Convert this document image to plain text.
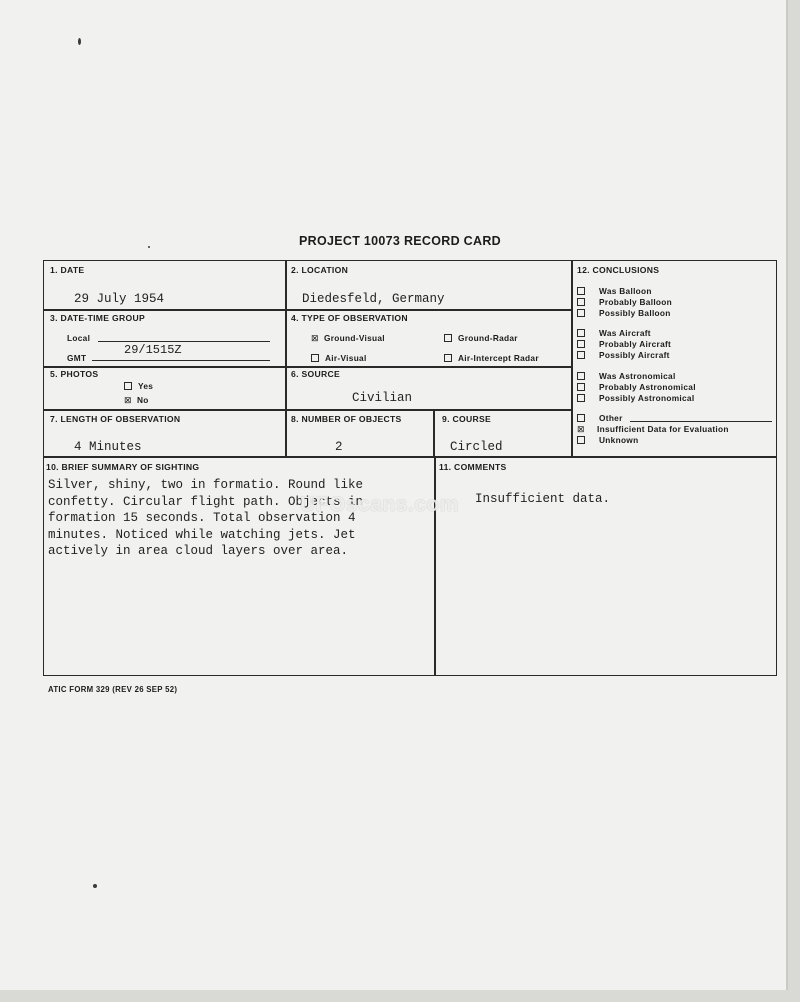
PROJECT 10073 RECORD CARD
1. DATE
29 July 1954
2. LOCATION
Diedesfeld, Germany
3. DATE-TIME GROUP
Local
GMT
29/1515Z
4. TYPE OF OBSERVATION
⊠ Ground-Visual	Ground-Radar
Air-Visual	Air-Intercept Radar
5. PHOTOS
Yes
⊠ No
6. SOURCE
Civilian
7. LENGTH OF OBSERVATION
4 Minutes
8. NUMBER OF OBJECTS
2
9. COURSE
Circled
10. BRIEF SUMMARY OF SIGHTING
Silver, shiny, two in formatio. Round like
confetty. Circular flight path. Objects in
formation 15 seconds. Total observation 4
minutes. Noticed while watching jets. Jet
actively in area cloud layers over area.
11. COMMENTS
Insufficient data.
12. CONCLUSIONS
Was Balloon
Probably Balloon
Possibly Balloon
Was Aircraft
Probably Aircraft
Possibly Aircraft
Was Astronomical
Probably Astronomical
Possibly Astronomical
Other
⊠ Insufficient Data for Evaluation
Unknown
UFOscans.com
ATIC FORM 329 (REV 26 SEP 52)
